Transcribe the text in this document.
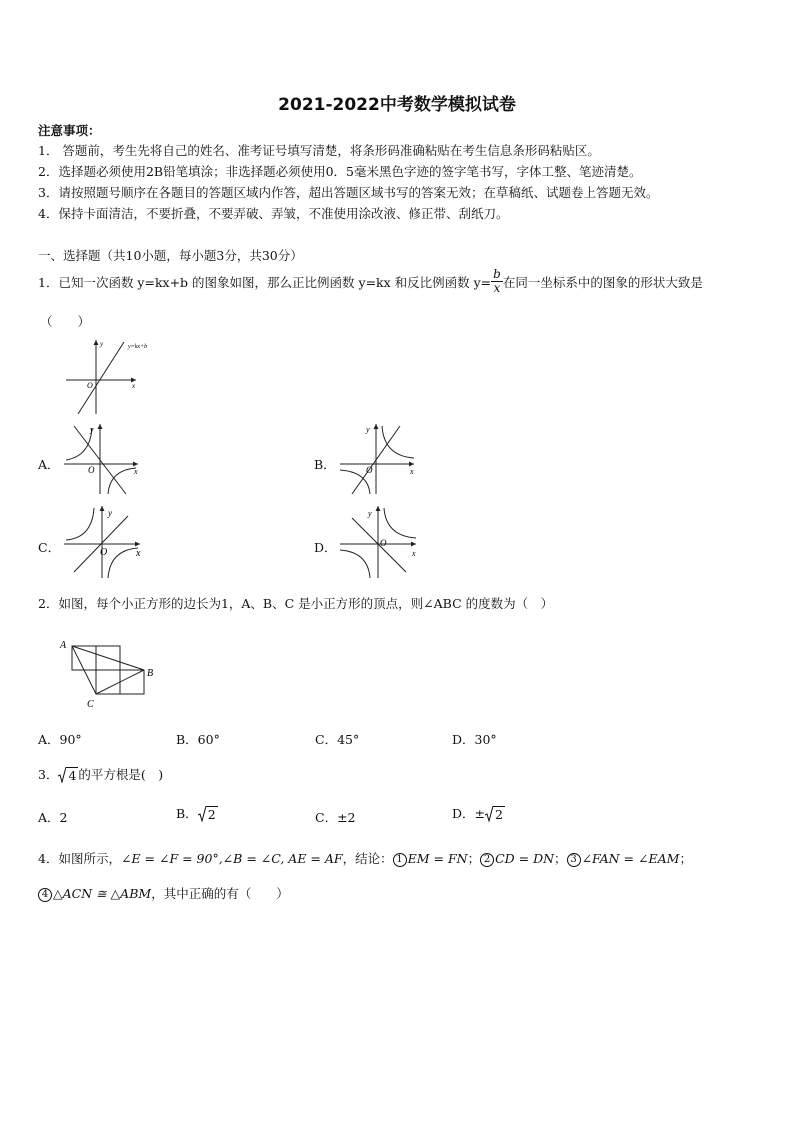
2021-2022中考数学模拟试卷
注意事项：
1． 答题前，考生先将自己的姓名、准考证号填写清楚，将条形码准确粘贴在考生信息条形码粘贴区。
2．选择题必须使用2B铅笔填涂；非选择题必须使用0．5毫米黑色字迹的签字笔书写，字体工整、笔迹清楚。
3．请按照题号顺序在各题目的答题区域内作答，超出答题区域书写的答案无效；在草稿纸、试题卷上答题无效。
4．保持卡面清洁，不要折叠，不要弄破、弄皱，不准使用涂改液、修正带、刮纸刀。
一、选择题（共10小题，每小题3分，共30分）
1．已知一次函数 y=kx+b 的图象如图，那么正比例函数 y=kx 和反比例函数 $y= \frac{b}{x}$ 在同一坐标系中的图象的形状大致是
（　　）
y
x
O
y=kx+b
A．
y
x
O	B．
y
x
O
C．
y
x
O	D．
y
x
O
2．如图，每个小正方形的边长为1，A、B、C 是小正方形的顶点，则∠ABC 的度数为（　）
A
B
C
A．90°	B．60°	C．45°	D．30°
3． 4 的平方根是(　)
A．2	B． 2	C．±2	D．± 2
4．如图所示，∠E = ∠F = 90°,∠B = ∠C, AE = AF，结论： 1 EM = FN； 2 CD = DN； 3 ∠FAN = ∠EAM；
4 △ACN ≅ △ABM，其中正确的有（　　）
